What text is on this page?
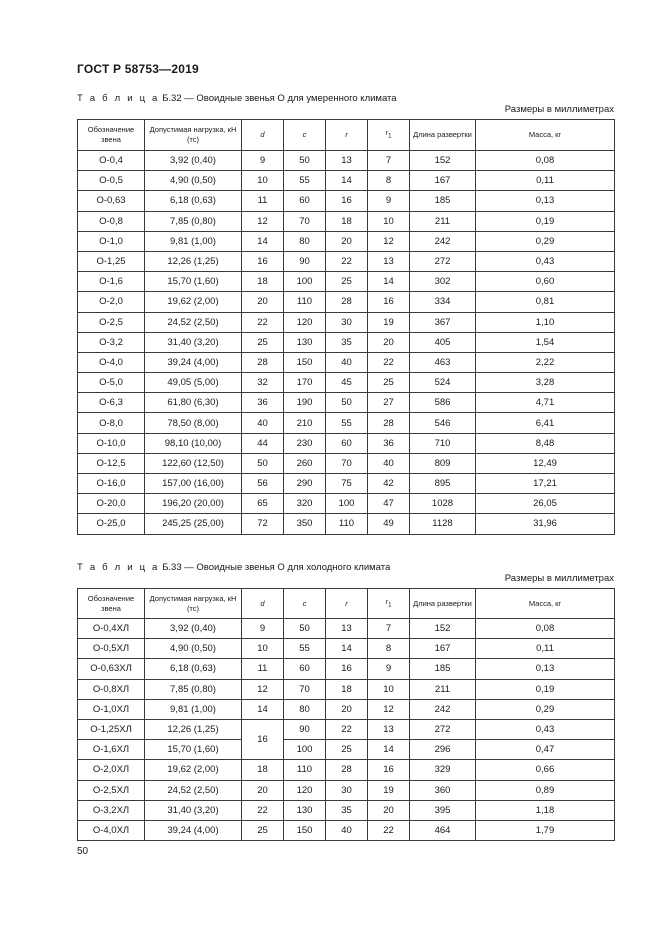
ГОСТ Р 58753—2019
Т а б л и ц а Б.32 — Овоидные звенья О для умеренного климата
Размеры в миллиметрах
Обозначение звена	Допустимая нагрузка, кН (тс)	d	c	r	$r_1$	Длина развертки	Масса, кг
О-0,4	3,92 (0,40)	9	50	13	7	152	0,08
О-0,5	4,90 (0,50)	10	55	14	8	167	0,11
О-0,63	6,18 (0,63)	11	60	16	9	185	0,13
О-0,8	7,85 (0,80)	12	70	18	10	211	0,19
О-1,0	9,81 (1,00)	14	80	20	12	242	0,29
О-1,25	12,26 (1,25)	16	90	22	13	272	0,43
О-1,6	15,70 (1,60)	18	100	25	14	302	0,60
О-2,0	19,62 (2,00)	20	110	28	16	334	0,81
О-2,5	24,52 (2,50)	22	120	30	19	367	1,10
О-3,2	31,40 (3,20)	25	130	35	20	405	1,54
О-4,0	39,24 (4,00)	28	150	40	22	463	2,22
О-5,0	49,05 (5,00)	32	170	45	25	524	3,28
О-6,3	61,80 (6,30)	36	190	50	27	586	4,71
О-8,0	78,50 (8,00)	40	210	55	28	546	6,41
О-10,0	98,10 (10,00)	44	230	60	36	710	8,48
О-12,5	122,60 (12,50)	50	260	70	40	809	12,49
О-16,0	157,00 (16,00)	56	290	75	42	895	17,21
О-20,0	196,20 (20,00)	65	320	100	47	1028	26,05
О-25,0	245,25 (25,00)	72	350	110	49	1128	31,96
Т а б л и ц а Б.33 — Овоидные звенья О для холодного климата
Размеры в миллиметрах
Обозначение звена	Допустимая нагрузка, кН (тс)	d	c	r	$r_1$	Длина развертки	Масса, кг
О-0,4ХЛ	3,92 (0,40)	9	50	13	7	152	0,08
О-0,5ХЛ	4,90 (0,50)	10	55	14	8	167	0,11
О-0,63ХЛ	6,18 (0,63)	11	60	16	9	185	0,13
О-0,8ХЛ	7,85 (0,80)	12	70	18	10	211	0,19
О-1,0ХЛ	9,81 (1,00)	14	80	20	12	242	0,29
О-1,25ХЛ	12,26 (1,25)	16	90	22	13	272	0,43
О-1,6ХЛ	15,70 (1,60)		100	25	14	296	0,47
О-2,0ХЛ	19,62 (2,00)	18	110	28	16	329	0,66
О-2,5ХЛ	24,52 (2,50)	20	120	30	19	360	0,89
О-3,2ХЛ	31,40 (3,20)	22	130	35	20	395	1,18
О-4,0ХЛ	39,24 (4,00)	25	150	40	22	464	1,79
50
